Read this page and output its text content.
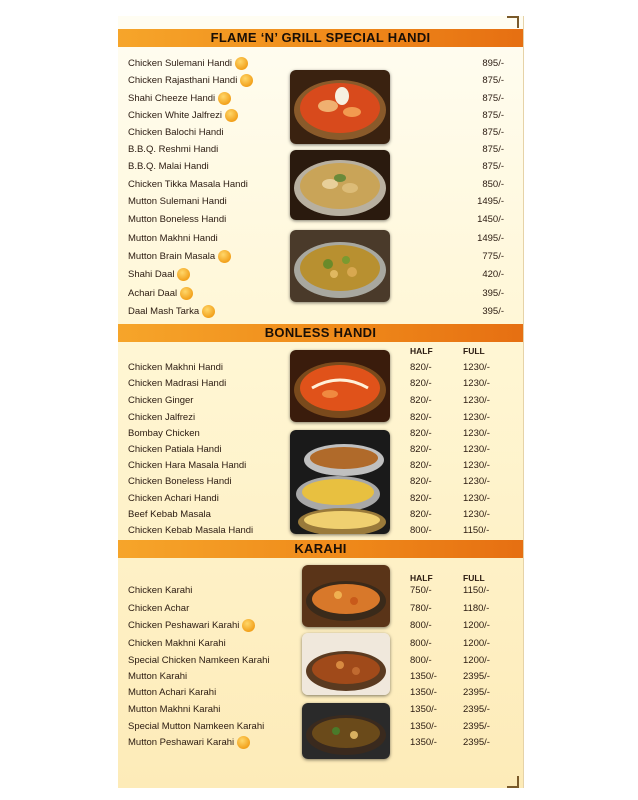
FLAME ‘N’ GRILL SPECIAL HANDI
Chicken Sulemani Handi	895/-
Chicken Rajasthani Handi	875/-
Shahi Cheeze Handi	875/-
Chicken White Jalfrezi	875/-
Chicken Balochi Handi	875/-
B.B.Q. Reshmi Handi	875/-
B.B.Q. Malai Handi	875/-
Chicken Tikka Masala Handi	850/-
Mutton Sulemani Handi	1495/-
Mutton Boneless Handi	1450/-
Mutton Makhni Handi	1495/-
Mutton Brain Masala	775/-
Shahi Daal	420/-
Achari Daal	395/-
Daal Mash Tarka	395/-
BONLESS HANDI
HALF	FULL
Chicken Makhni Handi	820/-	1230/-
Chicken Madrasi Handi	820/-	1230/-
Chicken Ginger	820/-	1230/-
Chicken Jalfrezi	820/-	1230/-
Bombay Chicken	820/-	1230/-
Chicken Patiala Handi	820/-	1230/-
Chicken Hara Masala Handi	820/-	1230/-
Chicken Boneless Handi	820/-	1230/-
Chicken Achari Handi	820/-	1230/-
Beef Kebab Masala	820/-	1230/-
Chicken Kebab Masala Handi	800/-	1150/-
KARAHI
HALF	FULL
Chicken Karahi	750/-	1150/-
Chicken Achar	780/-	1180/-
Chicken Peshawari Karahi	800/-	1200/-
Chicken Makhni Karahi	800/-	1200/-
Special Chicken Namkeen Karahi	800/-	1200/-
Mutton Karahi	1350/-	2395/-
Mutton Achari Karahi	1350/-	2395/-
Mutton Makhni Karahi	1350/-	2395/-
Special Mutton Namkeen Karahi	1350/-	2395/-
Mutton Peshawari Karahi	1350/-	2395/-
